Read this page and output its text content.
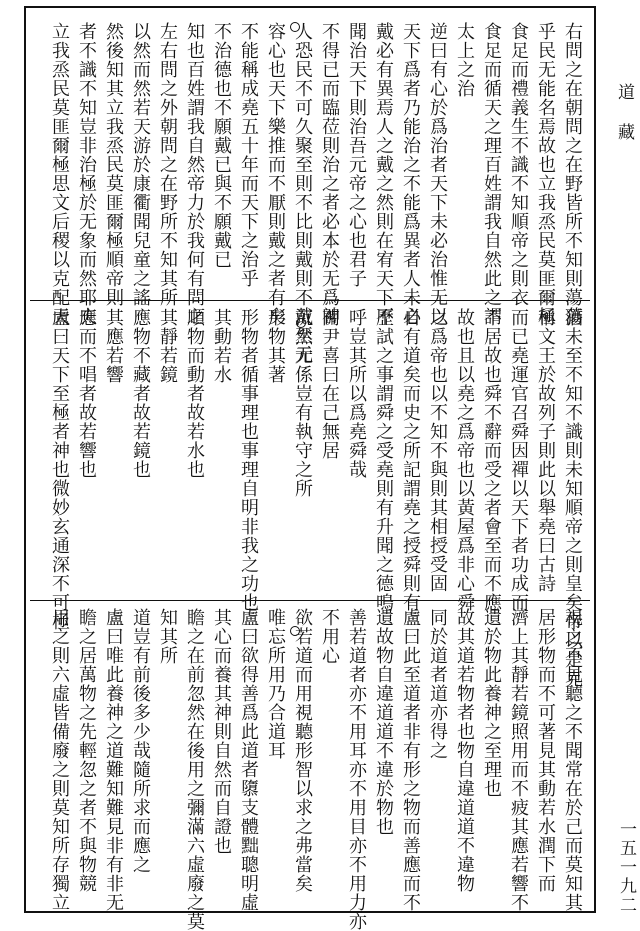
道
藏
一五一九二
右問之在朝問之在野皆所不知則蕩蕩
乎民无能名焉故也立我烝民莫匪爾極
食足而禮義生不識不知順帝之則衣
食足而循天之理百姓謂我自然此之謂
太上之治
逆曰有心於爲治者天下未必治惟无以
天下爲者乃能治之不能爲異者人未必
戴必有異焉人之戴之然則在宥天下不
聞治天下則治吾元帝之心也君子
不得已而臨莅則治之者必本於无爲神
人恐民不可久聚至則不比則戴則不戴至元
容心也天下樂推而不厭則戴之者有矣
不能稱成堯五十年而天下之治乎
不治德也不願戴已與不願戴已
知也百姓謂我自然帝力於我何有問之
左右問之外朝問之在野所不知其所
以然而然若天游於康衢聞兒童之謠
然後知其立我烝民莫匪爾極順帝則
者不識不知豈非治極於无象而然耶夫
立我烝民莫匪爾極思文后稷以克配天
猶未至不知不識則未知順帝之則皇矣帝以是克
稱文王於故列子則此以舉堯曰古詩
而已堯運官召舜因禪以天下者功成而
不居故也舜不辭而受之者會至而不應
故也且以堯之爲帝也以黃屋爲非心舜
之爲帝也以不知不與則其相授受固
自有道矣而史之所記謂堯之授舜則有
歷試之事謂舜之受堯則有升聞之德鳴
呼豈其所以爲堯舜哉
關尹喜曰在己無居
沉然无係豈有執守之所
形物其著
形物者循事理也事理自明非我之功也
其動若水
順物而動者故若水也
其靜若鏡
應物不藏者故若鏡也
其應若響
應而不唱者故若響也
盧曰天下至極者神也微妙玄通深不可極
視之不見聽之不聞常在於己而莫知其
居形物而不可著見其動若水潤下而
濟上其靜若鏡照用而不疲其應若響不
遺於物此養神之至理也
故其道若物者也物自違道道不違物
同於道者道亦得之
盧曰此至道者非有形之物而善應而不
遺故物自違道道不違於物也
善若道者亦不用耳亦不用目亦不用力亦
不用心
欲若道而用視聽形智以求之弗當矣
唯忘所用乃合道耳
盧曰欲得善爲此道者隳支體黜聰明虛
其心而養其神則自然而自證也
瞻之在前忽然在後用之彌滿六虛廢之莫
知其所
道豈有前後多少哉隨所求而應之
盧曰唯此養神之道難知難見非有非无
瞻之居萬物之先輕忽之者不與物競
用之則六虛皆備廢之則莫知所存獨立
